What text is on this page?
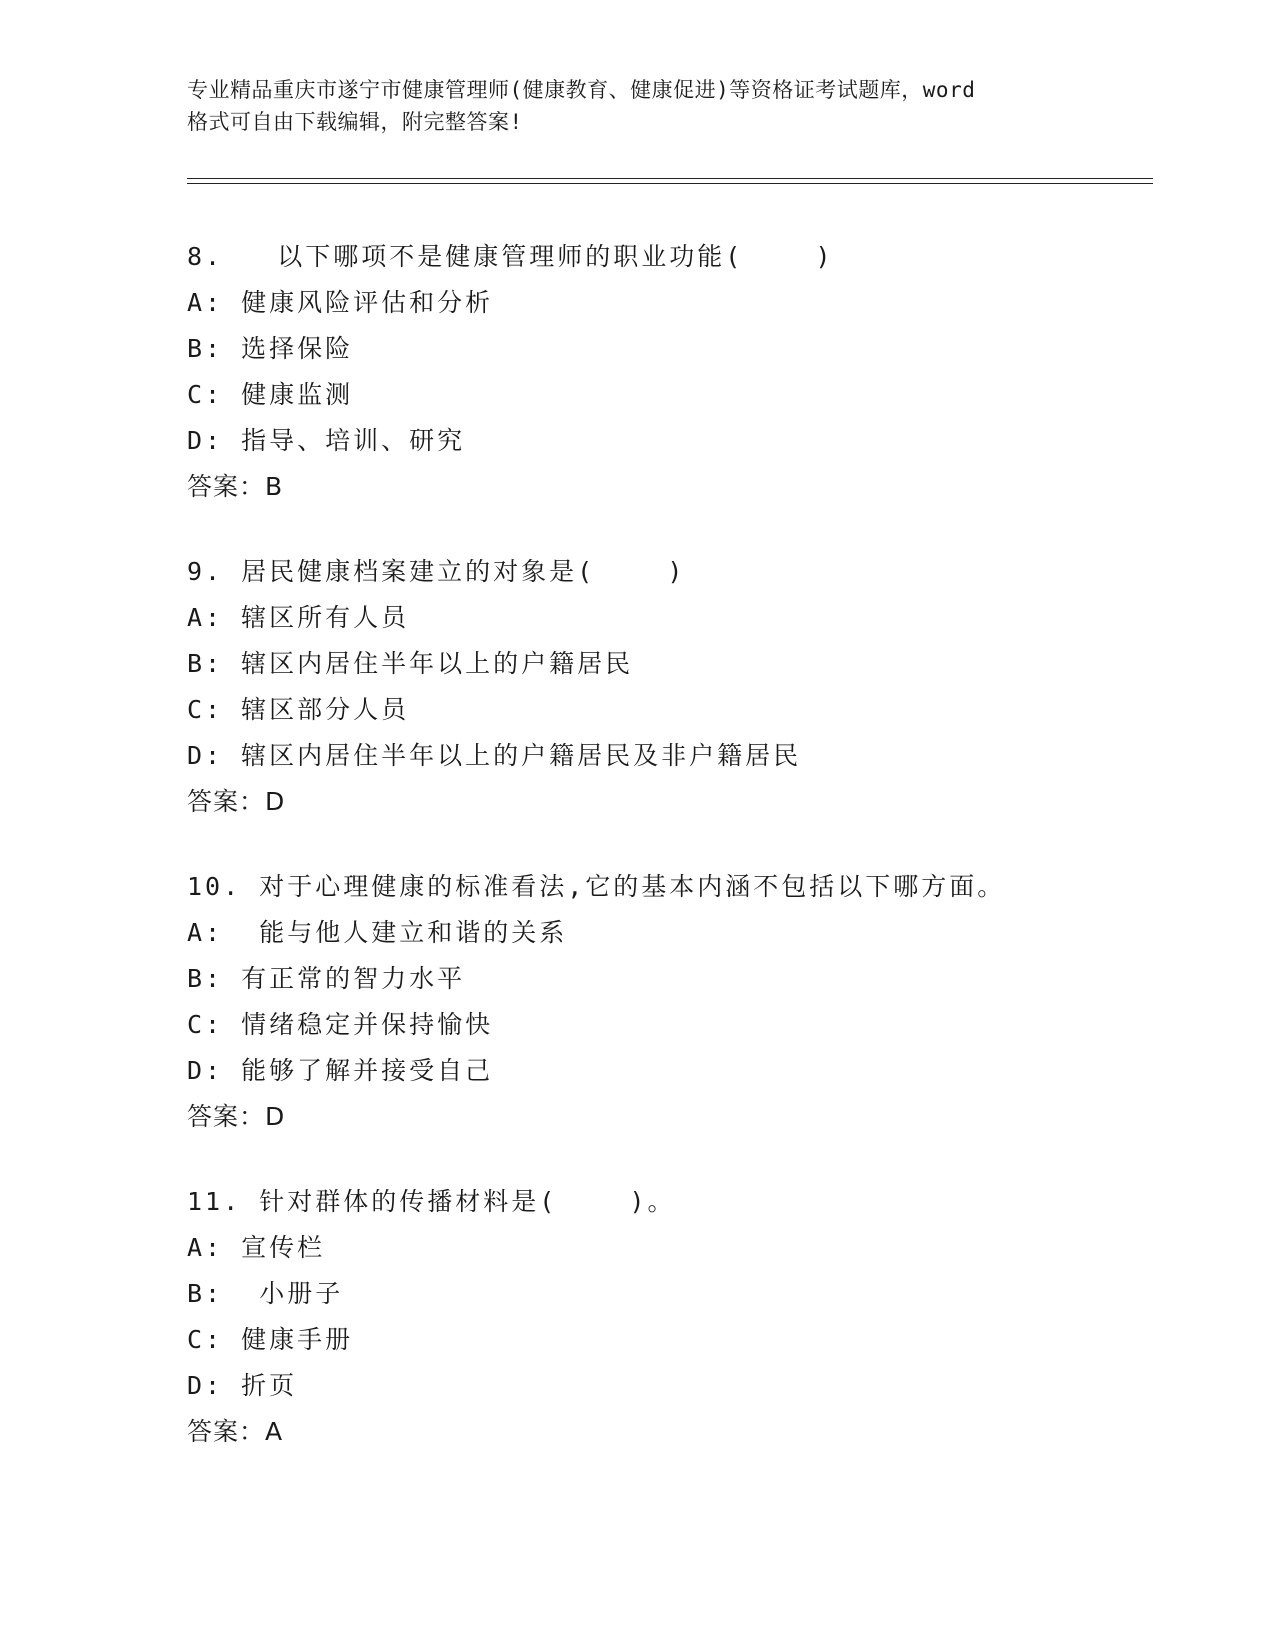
专业精品重庆市遂宁市健康管理师(健康教育、健康促进)等资格证考试题库，word
格式可自由下载编辑，附完整答案!
8.   以下哪项不是健康管理师的职业功能(    )
A: 健康风险评估和分析
B: 选择保险
C: 健康监测
D: 指导、培训、研究
答案：B
9. 居民健康档案建立的对象是(    )
A: 辖区所有人员
B: 辖区内居住半年以上的户籍居民
C: 辖区部分人员
D: 辖区内居住半年以上的户籍居民及非户籍居民
答案：D
10. 对于心理健康的标准看法,它的基本内涵不包括以下哪方面。
A:  能与他人建立和谐的关系
B: 有正常的智力水平
C: 情绪稳定并保持愉快
D: 能够了解并接受自己
答案：D
11. 针对群体的传播材料是(    )。
A: 宣传栏
B:  小册子
C: 健康手册
D: 折页
答案：A
